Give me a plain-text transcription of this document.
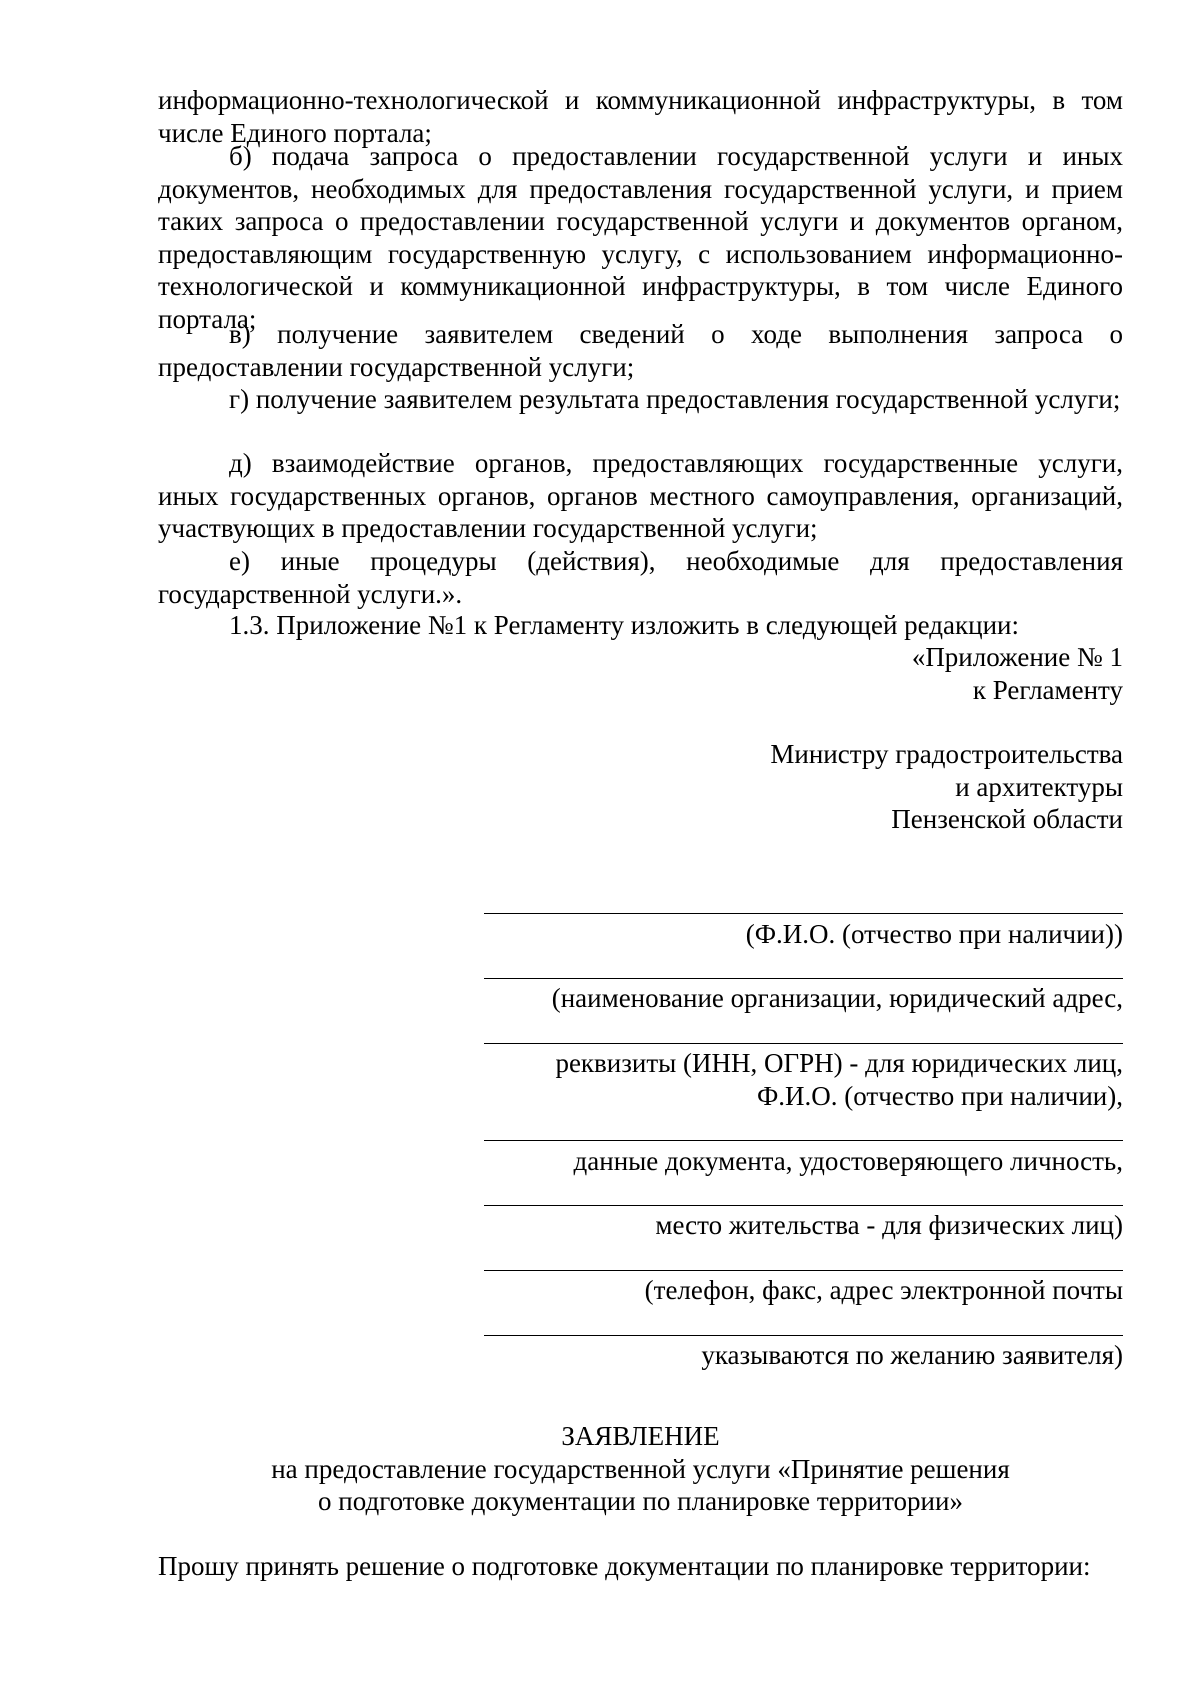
информационно-технологической и коммуникационной инфраструктуры, в том числе Единого портала;

б) подача запроса о предоставлении государственной услуги и иных документов, необходимых для предоставления государственной услуги, и прием таких запроса о предоставлении государственной услуги и документов органом, предоставляющим государственную услугу, с использованием информационно-технологической и коммуникационной инфраструктуры, в том числе Единого портала;

в) получение заявителем сведений о ходе выполнения запроса о предоставлении государственной услуги;

г) получение заявителем результата предоставления государственной услуги;

д) взаимодействие органов, предоставляющих государственные услуги, иных государственных органов, органов местного самоуправления, организаций, участвующих в предоставлении государственной услуги;

е) иные процедуры (действия), необходимые для предоставления государственной услуги.».

1.3. Приложение №1 к Регламенту изложить в следующей редакции:

«Приложение № 1

к Регламенту

Министру градостроительства

и архитектуры

Пензенской области

(Ф.И.О. (отчество при наличии))

(наименование организации, юридический адрес,

реквизиты (ИНН, ОГРН) - для юридических лиц,

Ф.И.О. (отчество при наличии),

данные документа, удостоверяющего личность,

место жительства - для физических лиц)

(телефон, факс, адрес электронной почты

указываются по желанию заявителя)

ЗАЯВЛЕНИЕ

на предоставление государственной услуги «Принятие решения

о подготовке документации по планировке территории»

Прошу принять решение о подготовке документации по планировке территории:
